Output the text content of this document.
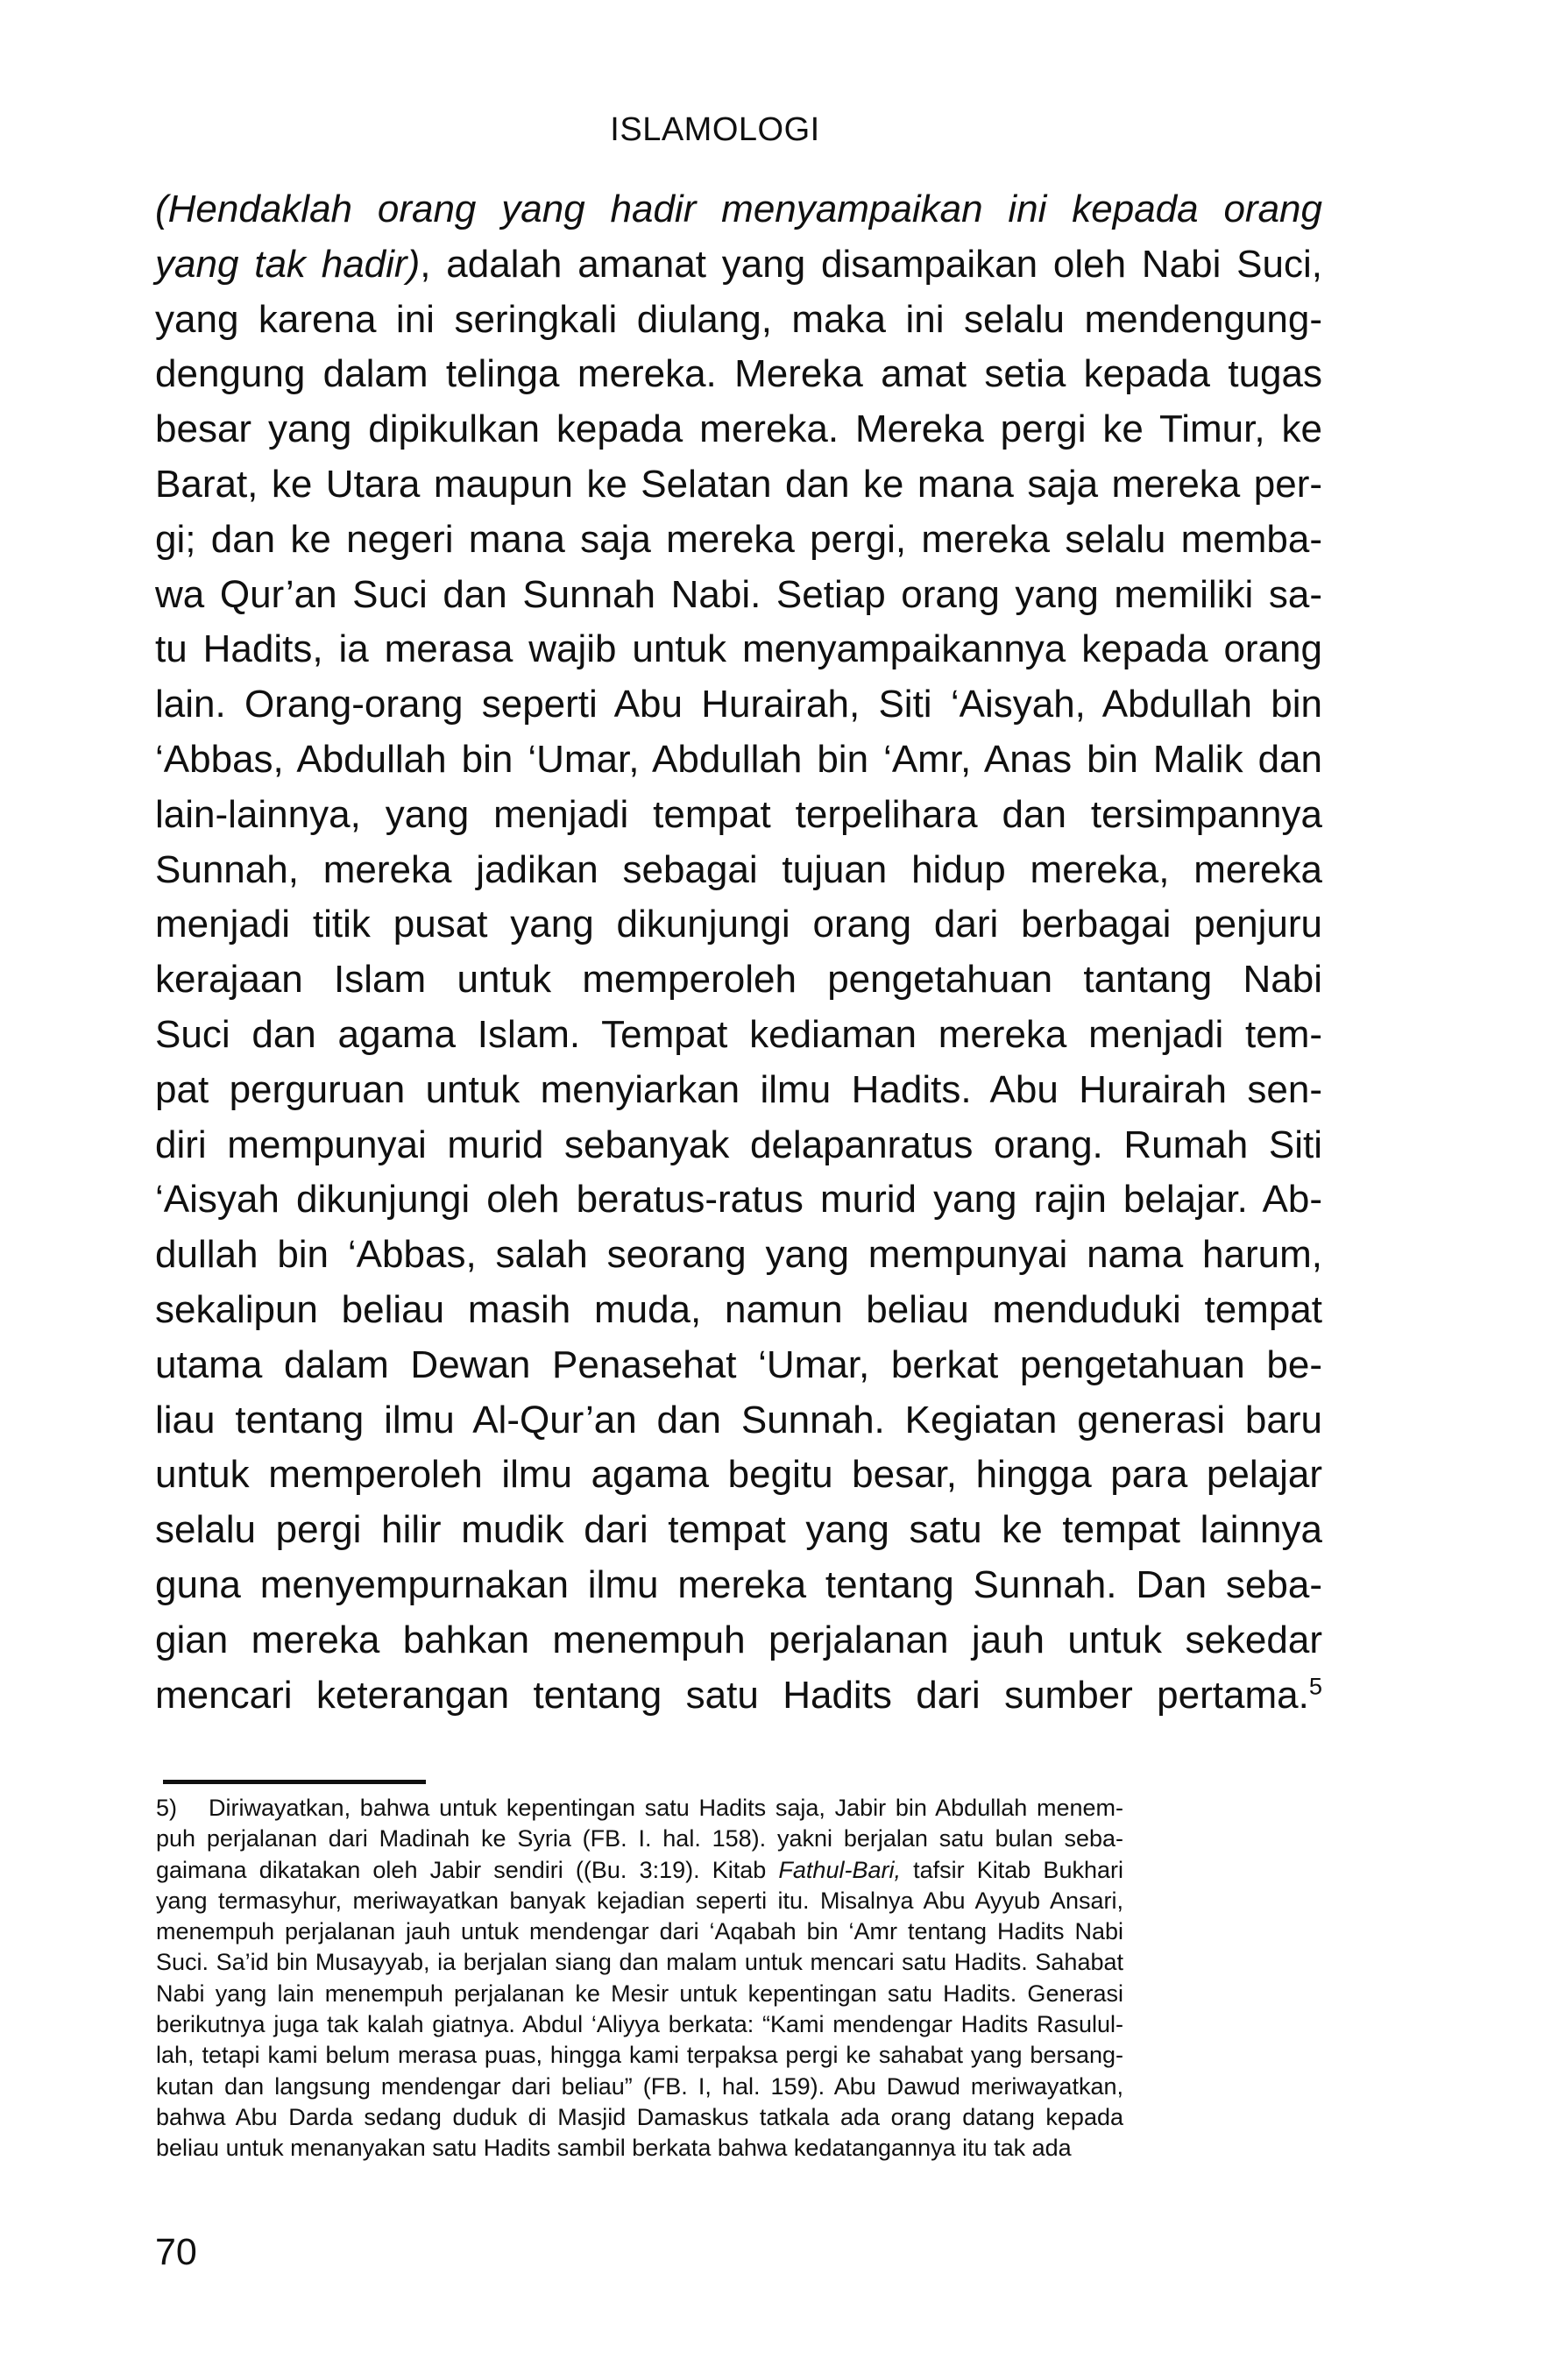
ISLAMOLOGI
(Hendaklah orang yang hadir menyampaikan ini kepada orang
yang tak hadir), adalah amanat yang disampaikan oleh Nabi Suci,
yang karena ini seringkali diulang, maka ini selalu mendengung-
dengung dalam telinga mereka. Mereka amat setia kepada tugas
besar yang dipikulkan kepada mereka. Mereka pergi ke Timur, ke
Barat, ke Utara maupun ke Selatan dan ke mana saja mereka per-
gi; dan ke negeri mana saja mereka pergi, mereka selalu memba-
wa Qur’an Suci dan Sunnah Nabi. Setiap orang yang memiliki sa-
tu Hadits, ia merasa wajib untuk menyampaikannya kepada orang
lain. Orang-orang seperti Abu Hurairah, Siti ‘Aisyah, Abdullah bin
‘Abbas, Abdullah bin ‘Umar, Abdullah bin ‘Amr, Anas bin Malik dan
lain-lainnya, yang menjadi tempat terpelihara dan tersimpannya
Sunnah, mereka jadikan sebagai tujuan hidup mereka, mereka
menjadi titik pusat yang dikunjungi orang dari berbagai penjuru
kerajaan Islam untuk memperoleh pengetahuan tantang Nabi
Suci dan agama Islam. Tempat kediaman mereka menjadi tem-
pat perguruan untuk menyiarkan ilmu Hadits. Abu Hurairah sen-
diri mempunyai murid sebanyak delapanratus orang. Rumah Siti
‘Aisyah dikunjungi oleh beratus-ratus murid yang rajin belajar. Ab-
dullah bin ‘Abbas, salah seorang yang mempunyai nama harum,
sekalipun beliau masih muda, namun beliau menduduki tempat
utama dalam Dewan Penasehat ‘Umar, berkat pengetahuan be-
liau tentang ilmu Al-Qur’an dan Sunnah. Kegiatan generasi baru
untuk memperoleh ilmu agama begitu besar, hingga para pelajar
selalu pergi hilir mudik dari tempat yang satu ke tempat lainnya
guna menyempurnakan ilmu mereka tentang Sunnah. Dan seba-
gian mereka bahkan menempuh perjalanan jauh untuk sekedar
mencari keterangan tentang satu Hadits dari sumber pertama.$^5$
5) Diriwayatkan, bahwa untuk kepentingan satu Hadits saja, Jabir bin Abdullah menem-
puh perjalanan dari Madinah ke Syria (FB. I. hal. 158). yakni berjalan satu bulan seba-
gaimana dikatakan oleh Jabir sendiri ((Bu. 3:19). Kitab Fathul-Bari, tafsir Kitab Bukhari
yang termasyhur, meriwayatkan banyak kejadian seperti itu. Misalnya Abu Ayyub Ansari,
menempuh perjalanan jauh untuk mendengar dari ‘Aqabah bin ‘Amr tentang Hadits Nabi
Suci. Sa’id bin Musayyab, ia berjalan siang dan malam untuk mencari satu Hadits. Sahabat
Nabi yang lain menempuh perjalanan ke Mesir untuk kepentingan satu Hadits. Generasi
berikutnya juga tak kalah giatnya. Abdul ‘Aliyya berkata: “Kami mendengar Hadits Rasulul-
lah, tetapi kami belum merasa puas, hingga kami terpaksa pergi ke sahabat yang bersang-
kutan dan langsung mendengar dari beliau” (FB. I, hal. 159). Abu Dawud meriwayatkan,
bahwa Abu Darda sedang duduk di Masjid Damaskus tatkala ada orang datang kepada
beliau untuk menanyakan satu Hadits sambil berkata bahwa kedatangannya itu tak ada
70
